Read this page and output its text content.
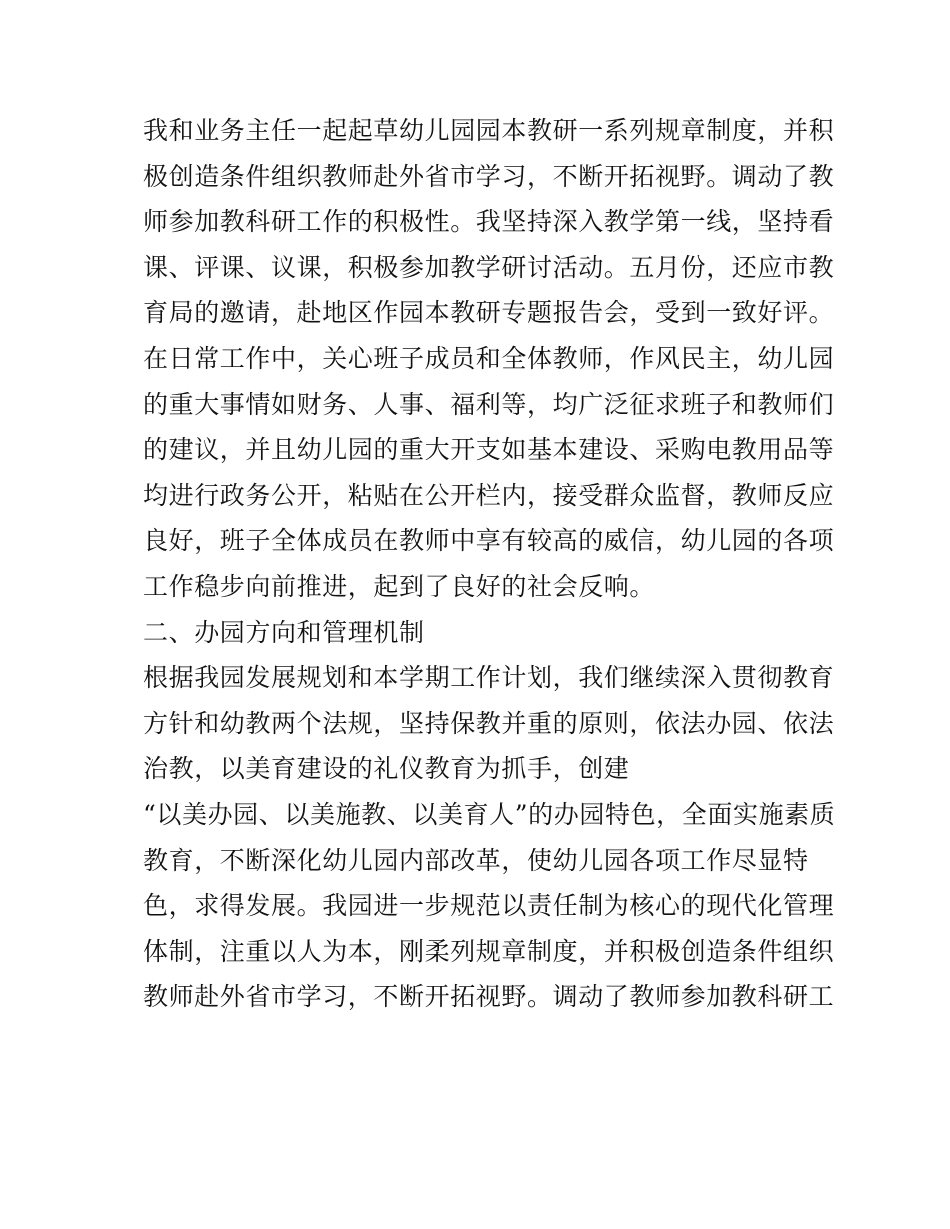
我和业务主任一起起草幼儿园园本教研一系列规章制度，并积
极创造条件组织教师赴外省市学习，不断开拓视野。调动了教
师参加教科研工作的积极性。我坚持深入教学第一线，坚持看
课、评课、议课，积极参加教学研讨活动。五月份，还应市教
育局的邀请，赴地区作园本教研专题报告会，受到一致好评。
在日常工作中，关心班子成员和全体教师，作风民主，幼儿园
的重大事情如财务、人事、福利等，均广泛征求班子和教师们
的建议，并且幼儿园的重大开支如基本建设、采购电教用品等
均进行政务公开，粘贴在公开栏内，接受群众监督，教师反应
良好，班子全体成员在教师中享有较高的威信，幼儿园的各项
工作稳步向前推进，起到了良好的社会反响。
二、办园方向和管理机制
根据我园发展规划和本学期工作计划，我们继续深入贯彻教育
方针和幼教两个法规，坚持保教并重的原则，依法办园、依法
治教，以美育建设的礼仪教育为抓手，创建
“以美办园、以美施教、以美育人”的办园特色，全面实施素质
教育，不断深化幼儿园内部改革，使幼儿园各项工作尽显特
色，求得发展。我园进一步规范以责任制为核心的现代化管理
体制，注重以人为本，刚柔列规章制度，并积极创造条件组织
教师赴外省市学习，不断开拓视野。调动了教师参加教科研工
